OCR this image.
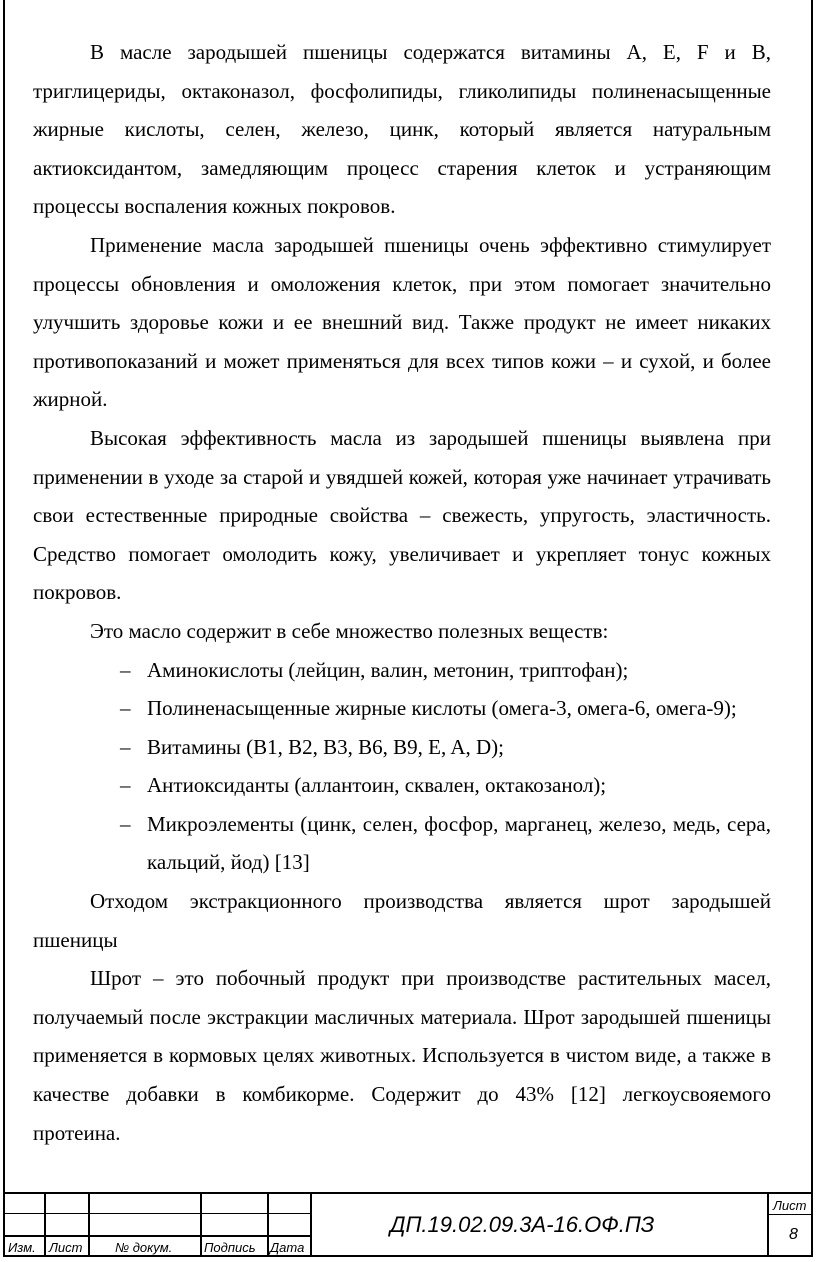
В масле зародышей пшеницы содержатся витамины A, E, F и B, триглицериды, октаконазол, фосфолипиды, гликолипиды полиненасыщенные жирные кислоты, селен, железо, цинк, который является натуральным актиоксидантом, замедляющим процесс старения клеток и устраняющим процессы воспаления кожных покровов.

Применение масла зародышей пшеницы очень эффективно стимулирует процессы обновления и омоложения клеток, при этом помогает значительно улучшить здоровье кожи и ее внешний вид. Также продукт не имеет никаких противопоказаний и может применяться для всех типов кожи – и сухой, и более жирной.

Высокая эффективность масла из зародышей пшеницы выявлена при применении в уходе за старой и увядшей кожей, которая уже начинает утрачивать свои естественные природные свойства – свежесть, упругость, эластичность. Средство помогает омолодить кожу, увеличивает и укрепляет тонус кожных покровов.

Это масло содержит в себе множество полезных веществ:

– Аминокислоты (лейцин, валин, метонин, триптофан);

– Полиненасыщенные жирные кислоты (омега-3, омега-6, омега-9);

– Витамины (B1, B2, B3, B6, B9, E, A, D);

– Антиоксиданты (аллантоин, сквален, октакозанол);

– Микроэлементы (цинк, селен, фосфор, марганец, железо, медь, сера, кальций, йод) [13]

Отходом экстракционного производства является шрот зародышей пшеницы

Шрот – это побочный продукт при производстве растительных масел, получаемый после экстракции масличных материала. Шрот зародышей пшеницы применяется в кормовых целях животных. Используется в чистом виде, а также в качестве добавки в комбикорме. Содержит до 43% [12] легкоусвояемого протеина.

Изм. Лист	№ докум. Подпись Дата
ДП.19.02.09.3А-16.ОФ.ПЗ
Лист
8
